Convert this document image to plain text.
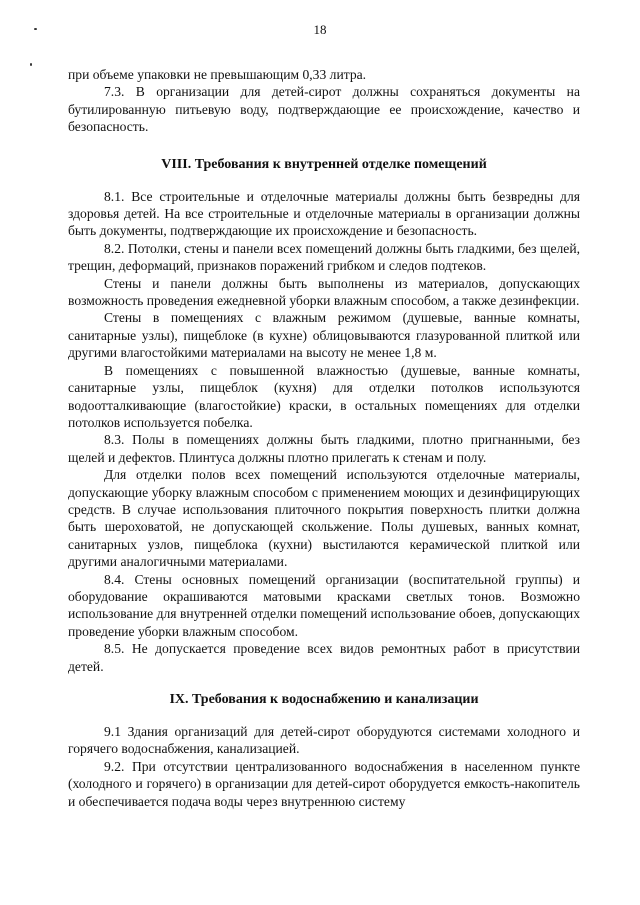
18

при объеме упаковки не превышающим 0,33 литра.

7.3. В организации для детей-сирот должны сохраняться документы на бутилированную питьевую воду, подтверждающие ее происхождение, качество и безопасность.

VIII. Требования к внутренней отделке помещений

8.1. Все строительные и отделочные материалы должны быть безвредны для здоровья детей. На все строительные и отделочные материалы в организации должны быть документы, подтверждающие их происхождение и безопасность.

8.2. Потолки, стены и панели всех помещений должны быть гладкими, без щелей, трещин, деформаций, признаков поражений грибком и следов подтеков.

Стены и панели должны быть выполнены из материалов, допускающих возможность проведения ежедневной уборки влажным способом, а также дезинфекции.

Стены в помещениях с влажным режимом (душевые, ванные комнаты, санитарные узлы), пищеблоке (в кухне) облицовываются глазурованной плиткой или другими влагостойкими материалами на высоту не менее 1,8 м.

В помещениях с повышенной влажностью (душевые, ванные комнаты, санитарные узлы, пищеблок (кухня) для отделки потолков используются водоотталкивающие (влагостойкие) краски, в остальных помещениях для отделки потолков используется побелка.

8.3. Полы в помещениях должны быть гладкими, плотно пригнанными, без щелей и дефектов. Плинтуса должны плотно прилегать к стенам и полу.

Для отделки полов всех помещений используются отделочные материалы, допускающие уборку влажным способом с применением моющих и дезинфицирующих средств. В случае использования плиточного покрытия поверхность плитки должна быть шероховатой, не допускающей скольжение. Полы душевых, ванных комнат, санитарных узлов, пищеблока (кухни) выстилаются керамической плиткой или другими аналогичными материалами.

8.4. Стены основных помещений организации (воспитательной группы) и оборудование окрашиваются матовыми красками светлых тонов. Возможно использование для внутренней отделки помещений использование обоев, допускающих проведение уборки влажным способом.

8.5. Не допускается проведение всех видов ремонтных работ в присутствии детей.

IX. Требования к водоснабжению и канализации

9.1 Здания организаций для детей-сирот оборудуются системами холодного и горячего водоснабжения, канализацией.

9.2. При отсутствии централизованного водоснабжения в населенном пункте (холодного и горячего) в организации для детей-сирот оборудуется емкость-накопитель и обеспечивается подача воды через внутреннюю систему
